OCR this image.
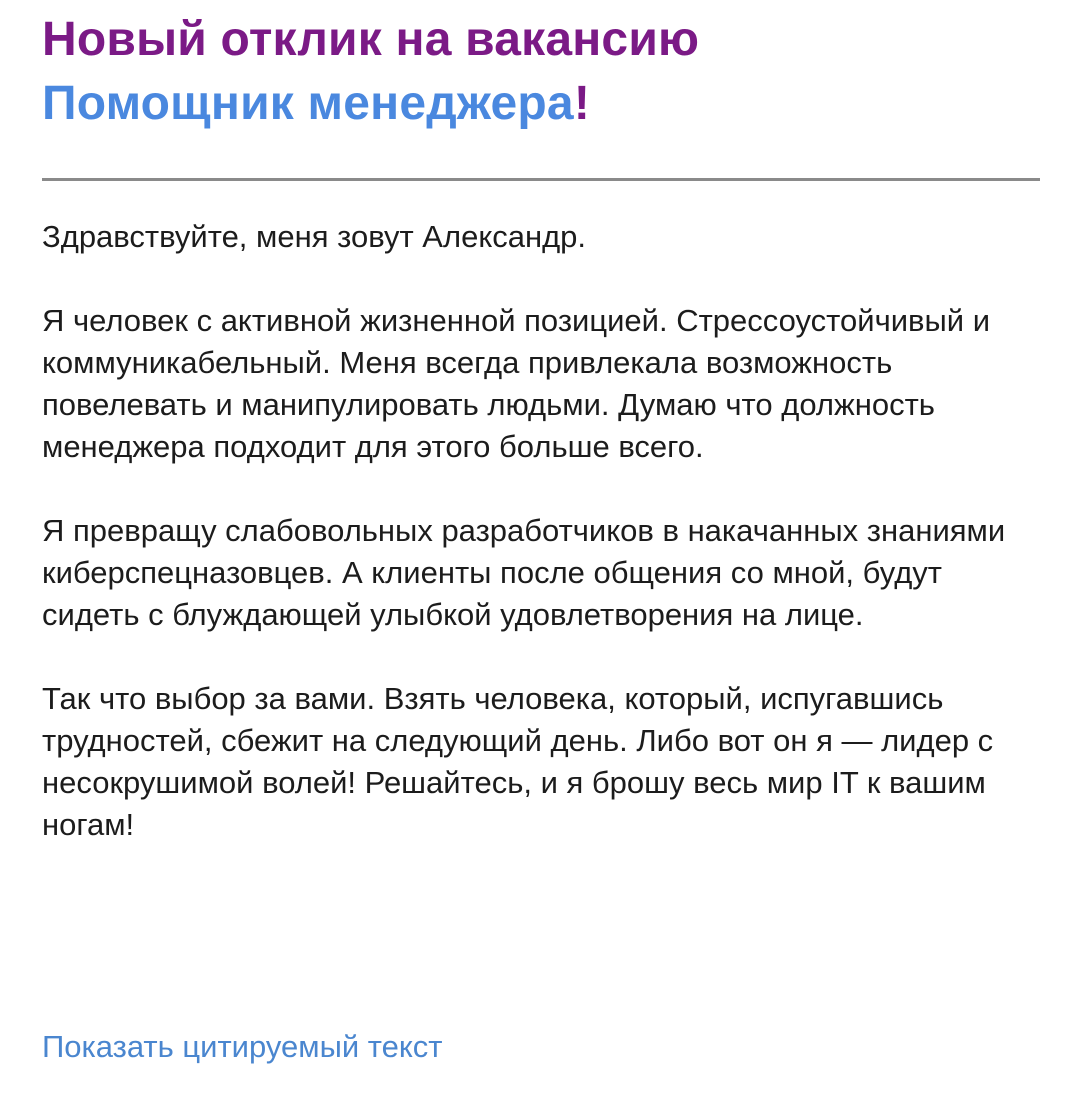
Новый отклик на вакансию
Помощник менеджера!

Здравствуйте, меня зовут Александр.

Я человек с активной жизненной позицией. Стрессоустойчивый и коммуникабельный. Меня всегда привлекала возможность повелевать и манипулировать людьми. Думаю что должность менеджера подходит для этого больше всего.

Я превращу слабовольных разработчиков в накачанных знаниями киберспецназовцев. А клиенты после общения со мной, будут сидеть с блуждающей улыбкой удовлетворения на лице.

Так что выбор за вами. Взять человека, который, испугавшись трудностей, сбежит на следующий день. Либо вот он я — лидер с несокрушимой волей! Решайтесь, и я брошу весь мир IT к вашим ногам!

Показать цитируемый текст
